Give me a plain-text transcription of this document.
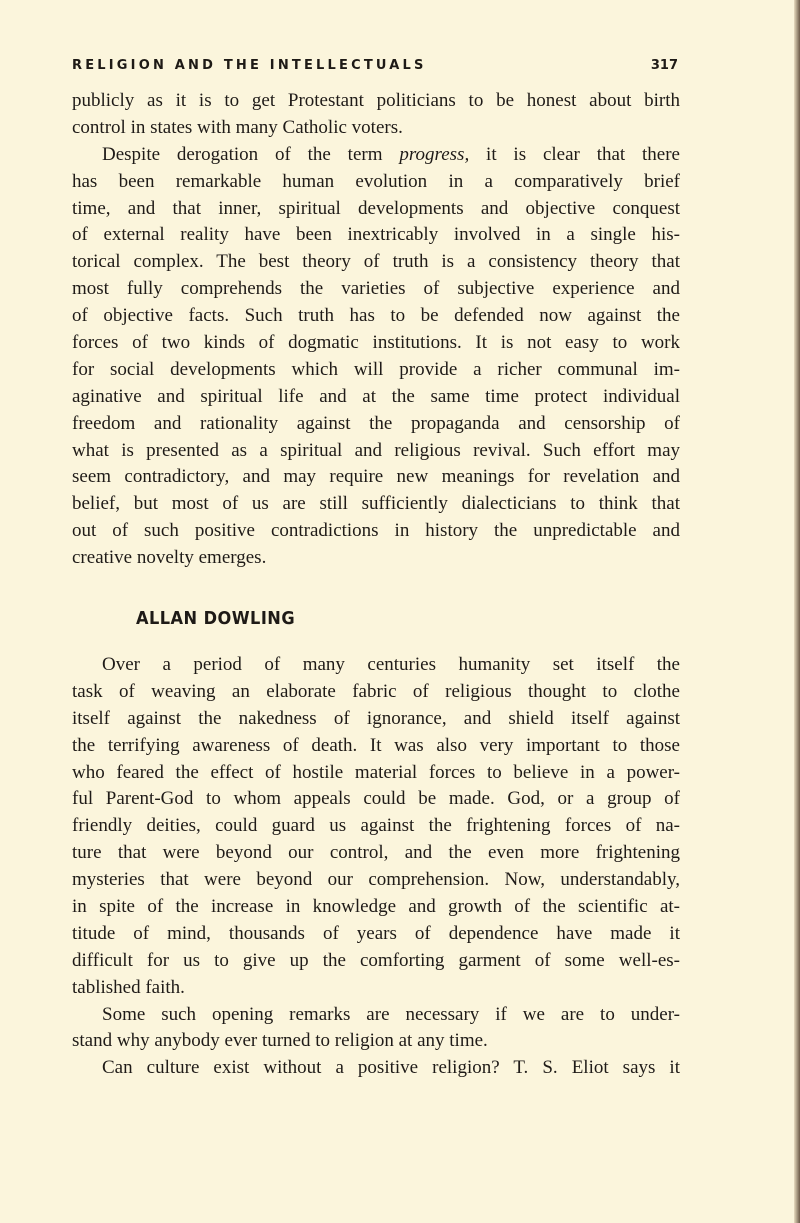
RELIGION AND THE INTELLECTUALS	317
publicly as it is to get Protestant politicians to be honest about birth
control in states with many Catholic voters.
Despite derogation of the term progress, it is clear that there
has been remarkable human evolution in a comparatively brief
time, and that inner, spiritual developments and objective conquest
of external reality have been inextricably involved in a single his-
torical complex. The best theory of truth is a consistency theory that
most fully comprehends the varieties of subjective experience and
of objective facts. Such truth has to be defended now against the
forces of two kinds of dogmatic institutions. It is not easy to work
for social developments which will provide a richer communal im-
aginative and spiritual life and at the same time protect individual
freedom and rationality against the propaganda and censorship of
what is presented as a spiritual and religious revival. Such effort may
seem contradictory, and may require new meanings for revelation and
belief, but most of us are still sufficiently dialecticians to think that
out of such positive contradictions in history the unpredictable and
creative novelty emerges.
ALLAN DOWLING
Over a period of many centuries humanity set itself the
task of weaving an elaborate fabric of religious thought to clothe
itself against the nakedness of ignorance, and shield itself against
the terrifying awareness of death. It was also very important to those
who feared the effect of hostile material forces to believe in a power-
ful Parent-God to whom appeals could be made. God, or a group of
friendly deities, could guard us against the frightening forces of na-
ture that were beyond our control, and the even more frightening
mysteries that were beyond our comprehension. Now, understandably,
in spite of the increase in knowledge and growth of the scientific at-
titude of mind, thousands of years of dependence have made it
difficult for us to give up the comforting garment of some well-es-
tablished faith.
Some such opening remarks are necessary if we are to under-
stand why anybody ever turned to religion at any time.
Can culture exist without a positive religion? T. S. Eliot says it
